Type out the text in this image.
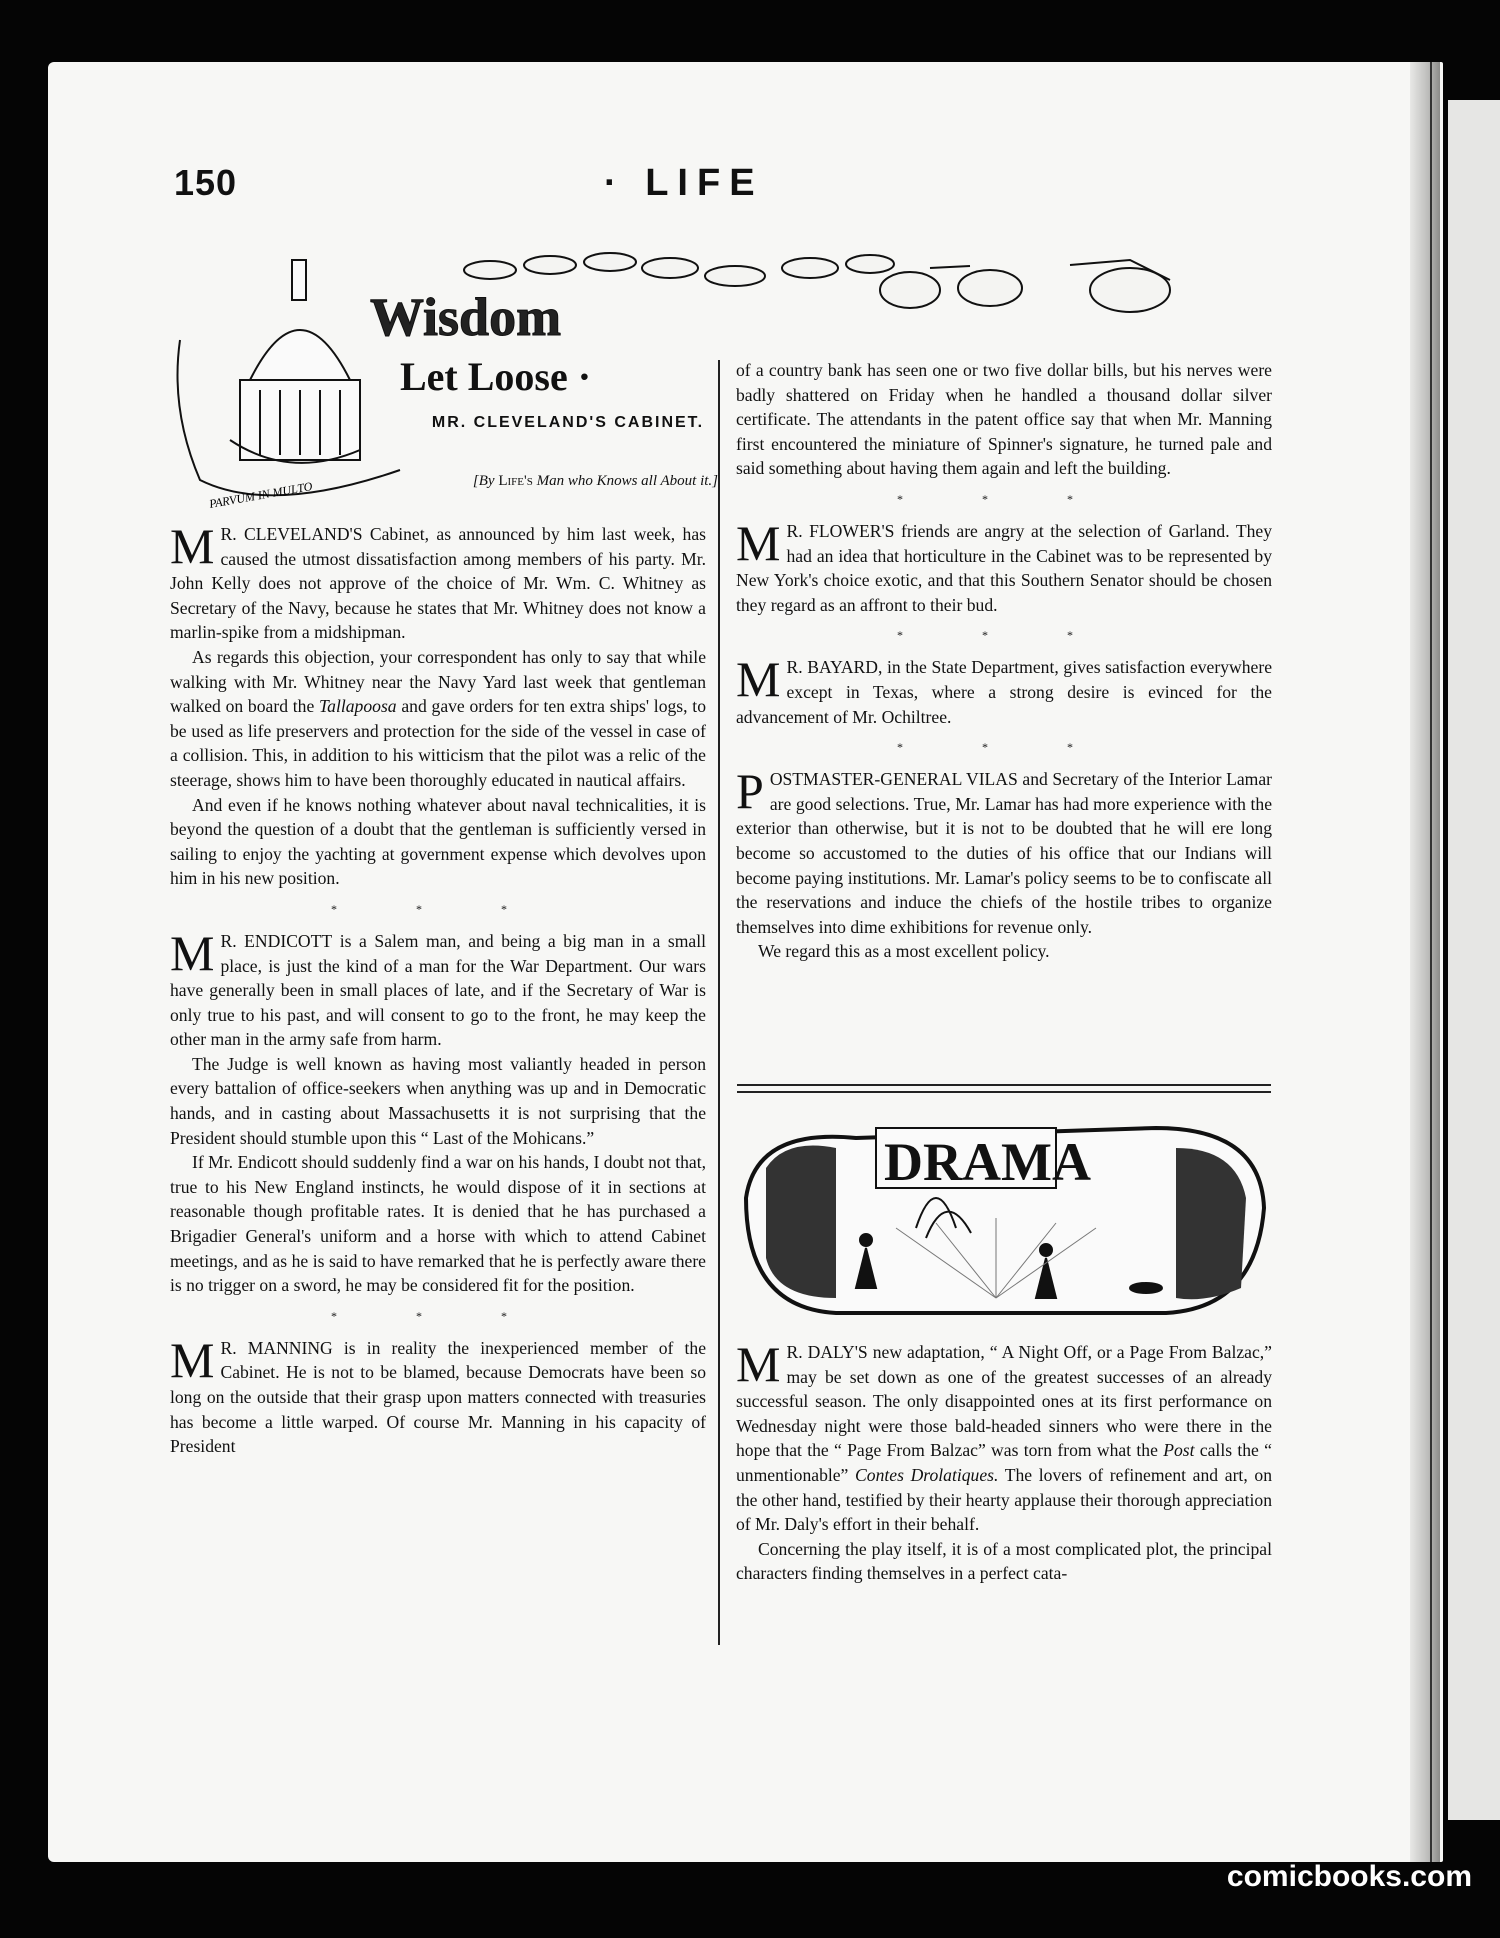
150	· LIFE
PARVUM IN MULTO
Wisdom
Let Loose ·
MR. CLEVELAND'S CABINET.
[By Life's Man who Knows all About it.]

M R. CLEVELAND'S Cabinet, as announced by him last week, has caused the utmost dissatisfaction among members of his party. Mr. John Kelly does not approve of the choice of Mr. Wm. C. Whitney as Secretary of the Navy, because he states that Mr. Whitney does not know a marlin-spike from a midshipman.

As regards this objection, your correspondent has only to say that while walking with Mr. Whitney near the Navy Yard last week that gentleman walked on board the Tallapoosa and gave orders for ten extra ships' logs, to be used as life preservers and protection for the side of the vessel in case of a collision. This, in addition to his witticism that the pilot was a relic of the steerage, shows him to have been thoroughly educated in nautical affairs.

And even if he knows nothing whatever about naval technicalities, it is beyond the question of a doubt that the gentleman is sufficiently versed in sailing to enjoy the yachting at government expense which devolves upon him in his new position.

* * *

M R. ENDICOTT is a Salem man, and being a big man in a small place, is just the kind of a man for the War Department. Our wars have generally been in small places of late, and if the Secretary of War is only true to his past, and will consent to go to the front, he may keep the other man in the army safe from harm.

The Judge is well known as having most valiantly headed in person every battalion of office-seekers when anything was up and in Democratic hands, and in casting about Massachusetts it is not surprising that the President should stumble upon this “ Last of the Mohicans.”

If Mr. Endicott should suddenly find a war on his hands, I doubt not that, true to his New England instincts, he would dispose of it in sections at reasonable though profitable rates. It is denied that he has purchased a Brigadier General's uniform and a horse with which to attend Cabinet meetings, and as he is said to have remarked that he is perfectly aware there is no trigger on a sword, he may be considered fit for the position.

* * *

M R. MANNING is in reality the inexperienced member of the Cabinet. He is not to be blamed, because Democrats have been so long on the outside that their grasp upon matters connected with treasuries has become a little warped. Of course Mr. Manning in his capacity of President

of a country bank has seen one or two five dollar bills, but his nerves were badly shattered on Friday when he handled a thousand dollar silver certificate. The attendants in the patent office say that when Mr. Manning first encountered the miniature of Spinner's signature, he turned pale and said something about having them again and left the building.

* * *

M R. FLOWER'S friends are angry at the selection of Garland. They had an idea that horticulture in the Cabinet was to be represented by New York's choice exotic, and that this Southern Senator should be chosen they regard as an affront to their bud.

* * *

M R. BAYARD, in the State Department, gives satisfaction everywhere except in Texas, where a strong desire is evinced for the advancement of Mr. Ochiltree.

* * *

POSTMASTER-GENERAL VILAS and Secretary of the Interior Lamar are good selections. True, Mr. Lamar has had more experience with the exterior than otherwise, but it is not to be doubted that he will ere long become so accustomed to the duties of his office that our Indians will become paying institutions. Mr. Lamar's policy seems to be to confiscate all the reservations and induce the chiefs of the hostile tribes to organize themselves into dime exhibitions for revenue only.

We regard this as a most excellent policy.

DRAMA

M R. DALY'S new adaptation, “ A Night Off, or a Page From Balzac,” may be set down as one of the greatest successes of an already successful season. The only disappointed ones at its first performance on Wednesday night were those bald-headed sinners who were there in the hope that the “ Page From Balzac” was torn from what the Post calls the “ unmentionable” Contes Drolatiques. The lovers of refinement and art, on the other hand, testified by their hearty applause their thorough appreciation of Mr. Daly's effort in their behalf.

Concerning the play itself, it is of a most complicated plot, the principal characters finding themselves in a perfect cata-

comicbooks.com
